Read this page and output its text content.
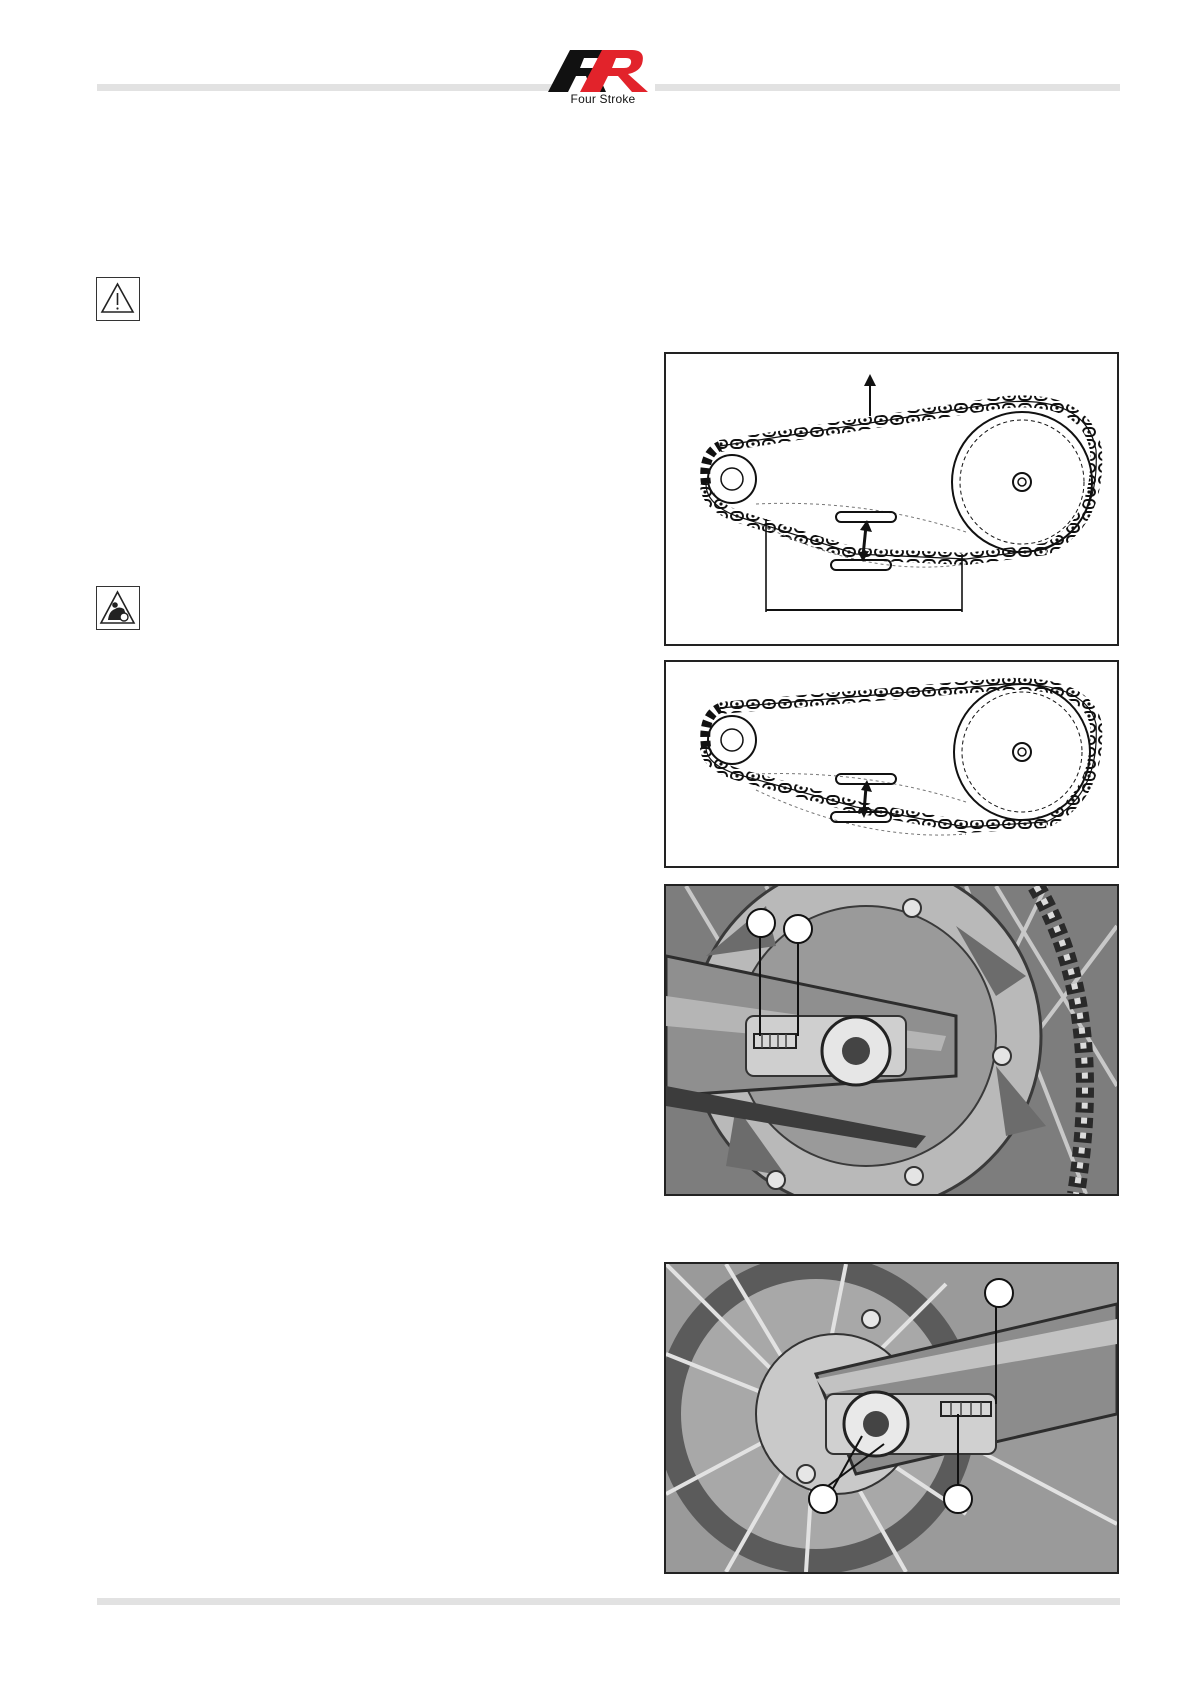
Four Stroke
